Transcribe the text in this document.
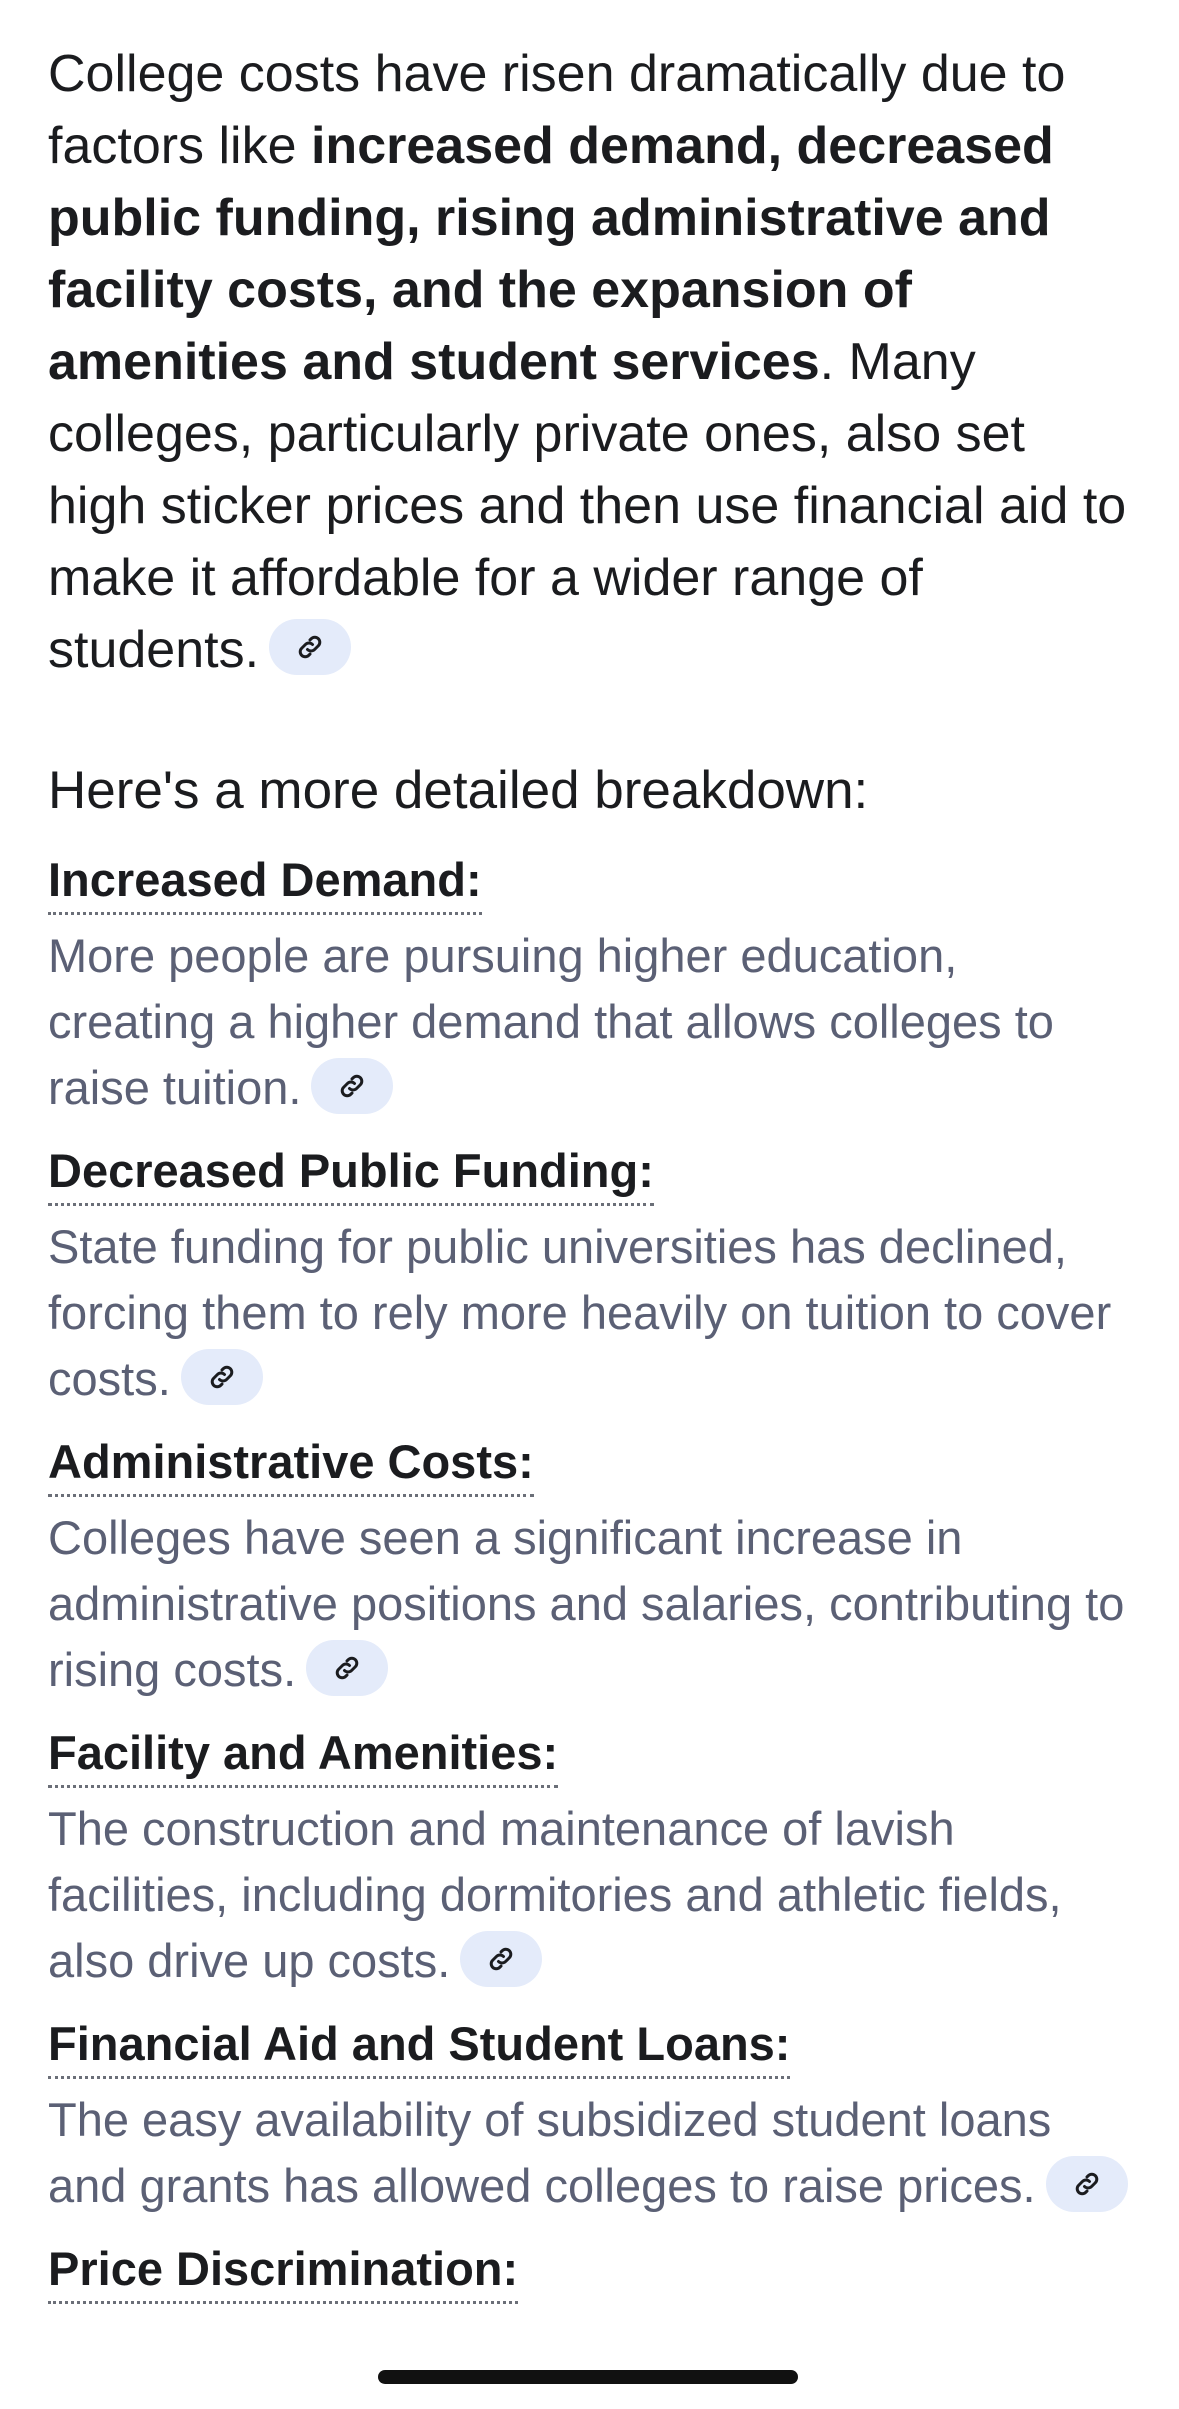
College costs have risen dramatically due to factors like increased demand, decreased public funding, rising administrative and facility costs, and the expansion of amenities and student services. Many colleges, particularly private ones, also set high sticker prices and then use financial aid to make it affordable for a wider range of students.

Here's a more detailed breakdown:
Increased Demand:

More people are pursuing higher education, creating a higher demand that allows colleges to raise tuition.

Decreased Public Funding:

State funding for public universities has declined, forcing them to rely more heavily on tuition to cover costs.

Administrative Costs:

Colleges have seen a significant increase in administrative positions and salaries, contributing to rising costs.

Facility and Amenities:

The construction and maintenance of lavish facilities, including dormitories and athletic fields, also drive up costs.

Financial Aid and Student Loans:

The easy availability of subsidized student loans and grants has allowed colleges to raise prices.

Price Discrimination:
